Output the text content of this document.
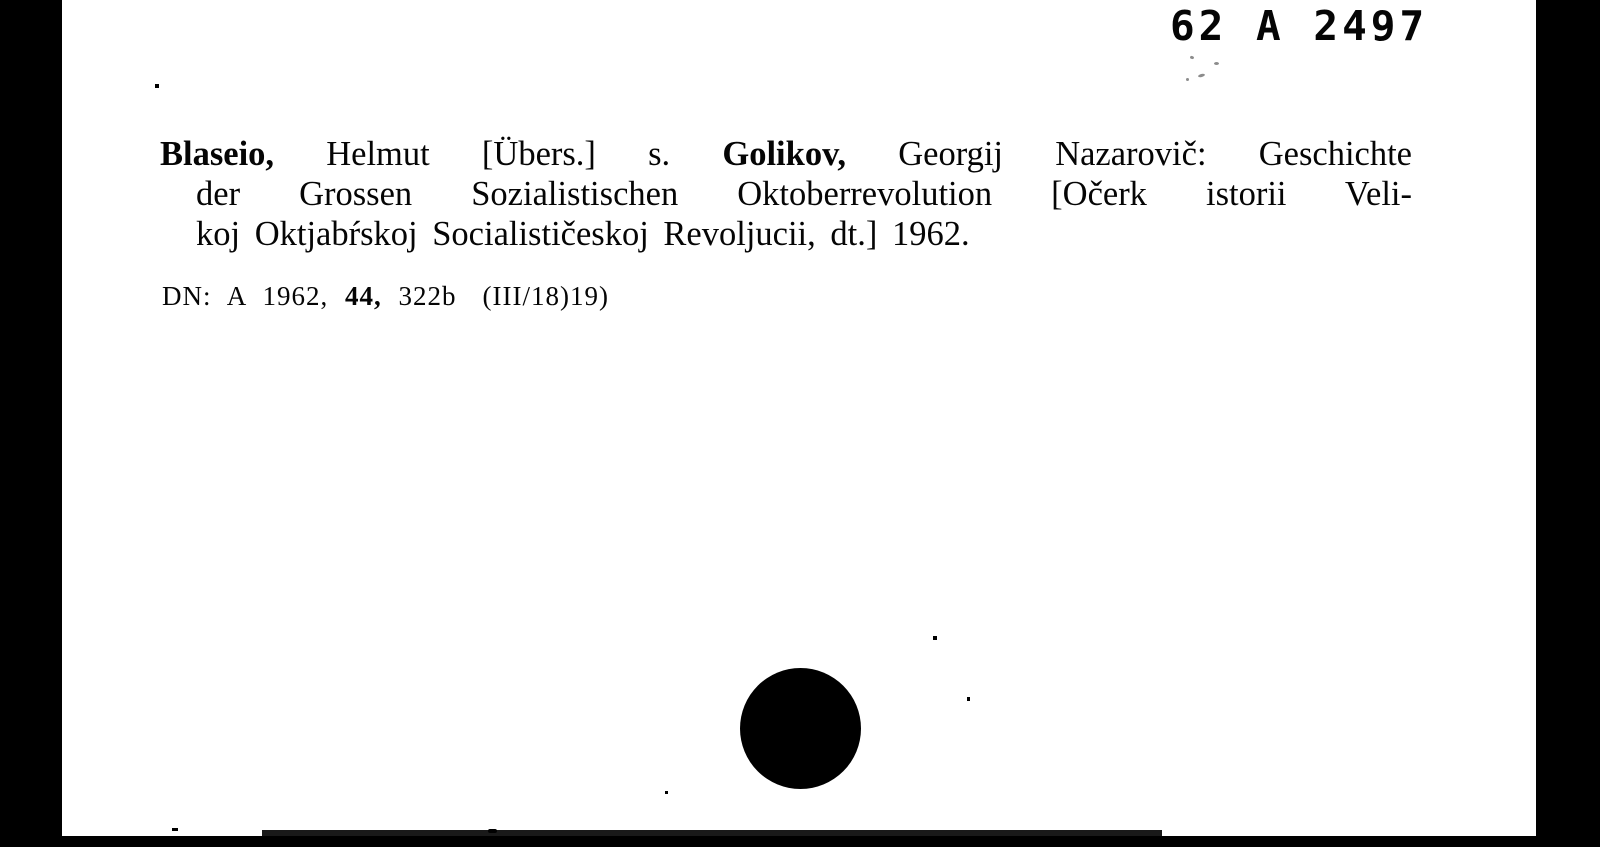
62 A 2497
Blaseio, Helmut [Übers.] s. Golikov, Georgij Nazarovič: Geschichte
der Grossen Sozialistischen Oktoberrevolution [Očerk istorii Veli-
koj Oktjabŕskoj Socialističeskoj Revoljucii, dt.] 1962.
DN: A 1962, 44, 322b (III/18)19)
